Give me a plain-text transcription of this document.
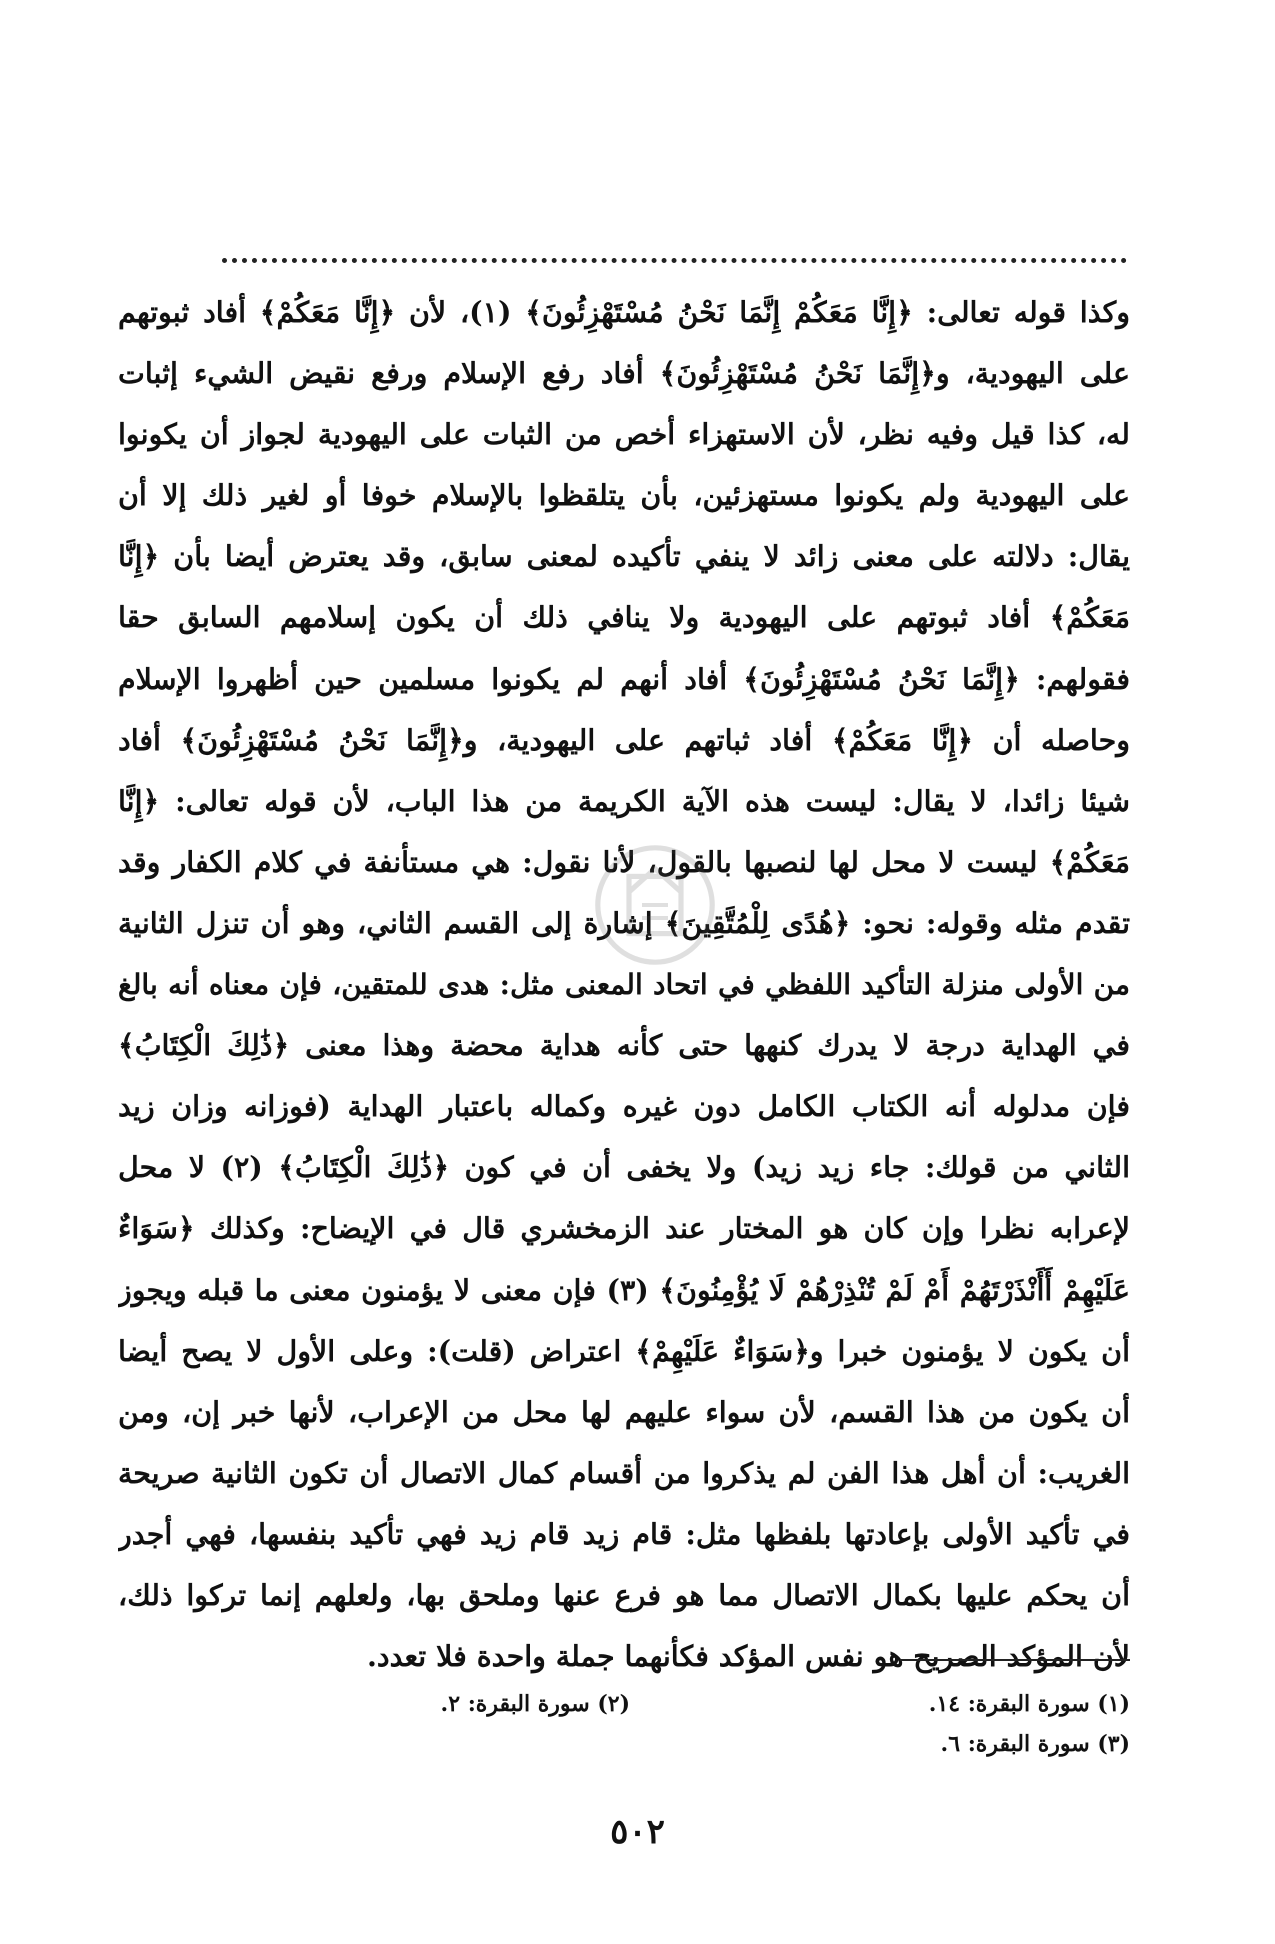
وكذا قوله تعالى: ﴿إِنَّا مَعَكُمْ إِنَّمَا نَحْنُ مُسْتَهْزِئُونَ﴾ (١)، لأن ﴿إِنَّا مَعَكُمْ﴾ أفاد ثبوتهم
على اليهودية، و﴿إِنَّمَا نَحْنُ مُسْتَهْزِئُونَ﴾ أفاد رفع الإسلام ورفع نقيض الشيء إثبات
له، كذا قيل وفيه نظر، لأن الاستهزاء أخص من الثبات على اليهودية لجواز أن يكونوا
على اليهودية ولم يكونوا مستهزئين، بأن يتلقظوا بالإسلام خوفا أو لغير ذلك إلا أن
يقال: دلالته على معنى زائد لا ينفي تأكيده لمعنى سابق، وقد يعترض أيضا بأن ﴿إِنَّا
مَعَكُمْ﴾ أفاد ثبوتهم على اليهودية ولا ينافي ذلك أن يكون إسلامهم السابق حقا
فقولهم: ﴿إِنَّمَا نَحْنُ مُسْتَهْزِئُونَ﴾ أفاد أنهم لم يكونوا مسلمين حين أظهروا الإسلام
وحاصله أن ﴿إِنَّا مَعَكُمْ﴾ أفاد ثباتهم على اليهودية، و﴿إِنَّمَا نَحْنُ مُسْتَهْزِئُونَ﴾ أفاد
شيئا زائدا، لا يقال: ليست هذه الآية الكريمة من هذا الباب، لأن قوله تعالى: ﴿إِنَّا
مَعَكُمْ﴾ ليست لا محل لها لنصبها بالقول، لأنا نقول: هي مستأنفة في كلام الكفار وقد
تقدم مثله وقوله: نحو: ﴿هُدًى لِلْمُتَّقِينَ﴾ إشارة إلى القسم الثاني، وهو أن تنزل الثانية
من الأولى منزلة التأكيد اللفظي في اتحاد المعنى مثل: هدى للمتقين، فإن معناه أنه بالغ
في الهداية درجة لا يدرك كنهها حتى كأنه هداية محضة وهذا معنى ﴿ذَٰلِكَ الْكِتَابُ﴾
فإن مدلوله أنه الكتاب الكامل دون غيره وكماله باعتبار الهداية (فوزانه وزان زيد
الثاني من قولك: جاء زيد زيد) ولا يخفى أن في كون ﴿ذَٰلِكَ الْكِتَابُ﴾ (٢) لا محل
لإعرابه نظرا وإن كان هو المختار عند الزمخشري قال في الإيضاح: وكذلك ﴿سَوَاءٌ
عَلَيْهِمْ أَأَنْذَرْتَهُمْ أَمْ لَمْ تُنْذِرْهُمْ لَا يُؤْمِنُونَ﴾ (٣) فإن معنى لا يؤمنون معنى ما قبله ويجوز
أن يكون لا يؤمنون خبرا و﴿سَوَاءٌ عَلَيْهِمْ﴾ اعتراض (قلت): وعلى الأول لا يصح أيضا
أن يكون من هذا القسم، لأن سواء عليهم لها محل من الإعراب، لأنها خبر إن، ومن
الغريب: أن أهل هذا الفن لم يذكروا من أقسام كمال الاتصال أن تكون الثانية صريحة
في تأكيد الأولى بإعادتها بلفظها مثل: قام زيد قام زيد فهي تأكيد بنفسها، فهي أجدر
أن يحكم عليها بكمال الاتصال مما هو فرع عنها وملحق بها، ولعلهم إنما تركوا ذلك،
لأن المؤكد الصريح هو نفس المؤكد فكأنهما جملة واحدة فلا تعدد.
(١) سورة البقرة: ١٤.
(٢) سورة البقرة: ٢.
(٣) سورة البقرة: ٦.
٥٠٢
